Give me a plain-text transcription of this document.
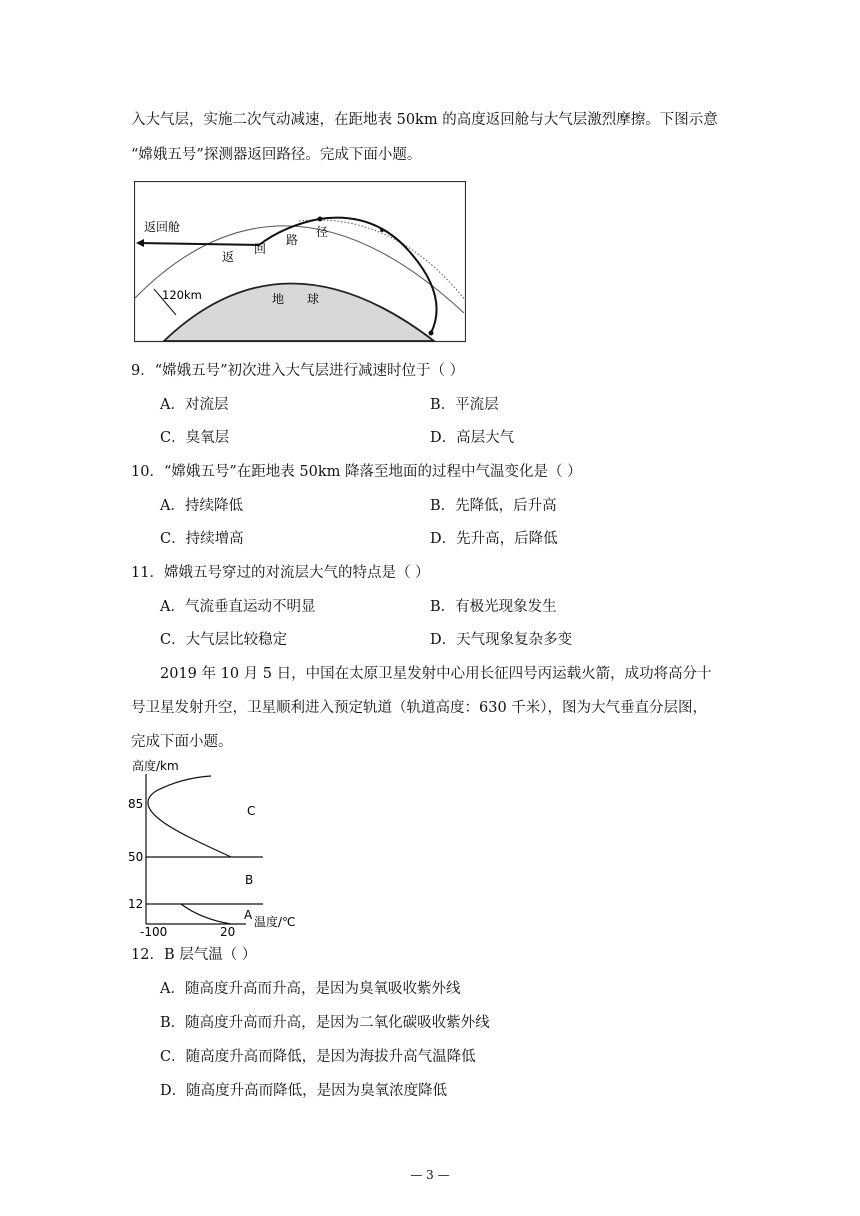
入大气层，实施二次气动减速，在距地表 50km 的高度返回舱与大气层激烈摩擦。下图示意
“嫦娥五号”探测器返回路径。完成下面小题。
返回舱
返
回
路
径
120km	地 球
9．“嫦娥五号”初次进入大气层进行减速时位于（ ）
A．对流层	B．平流层
C．臭氧层	D．高层大气
10．“嫦娥五号”在距地表 50km 降落至地面的过程中气温变化是（ ）
A．持续降低	B．先降低，后升高
C．持续增高	D．先升高，后降低
11．嫦娥五号穿过的对流层大气的特点是（ ）
A．气流垂直运动不明显	B．有极光现象发生
C．大气层比较稳定	D．天气现象复杂多变
2019 年 10 月 5 日，中国在太原卫星发射中心用长征四号丙运载火箭，成功将高分十
号卫星发射升空，卫星顺利进入预定轨道（轨道高度：630 千米），图为大气垂直分层图，
完成下面小题。
高度/km
85
50
12
-100	20
C
B
A 温度/℃
12．B 层气温（ ）
A．随高度升高而升高，是因为臭氧吸收紫外线
B．随高度升高而升高，是因为二氧化碳吸收紫外线
C．随高度升高而降低，是因为海拔升高气温降低
D．随高度升高而降低，是因为臭氧浓度降低
— 3 —
